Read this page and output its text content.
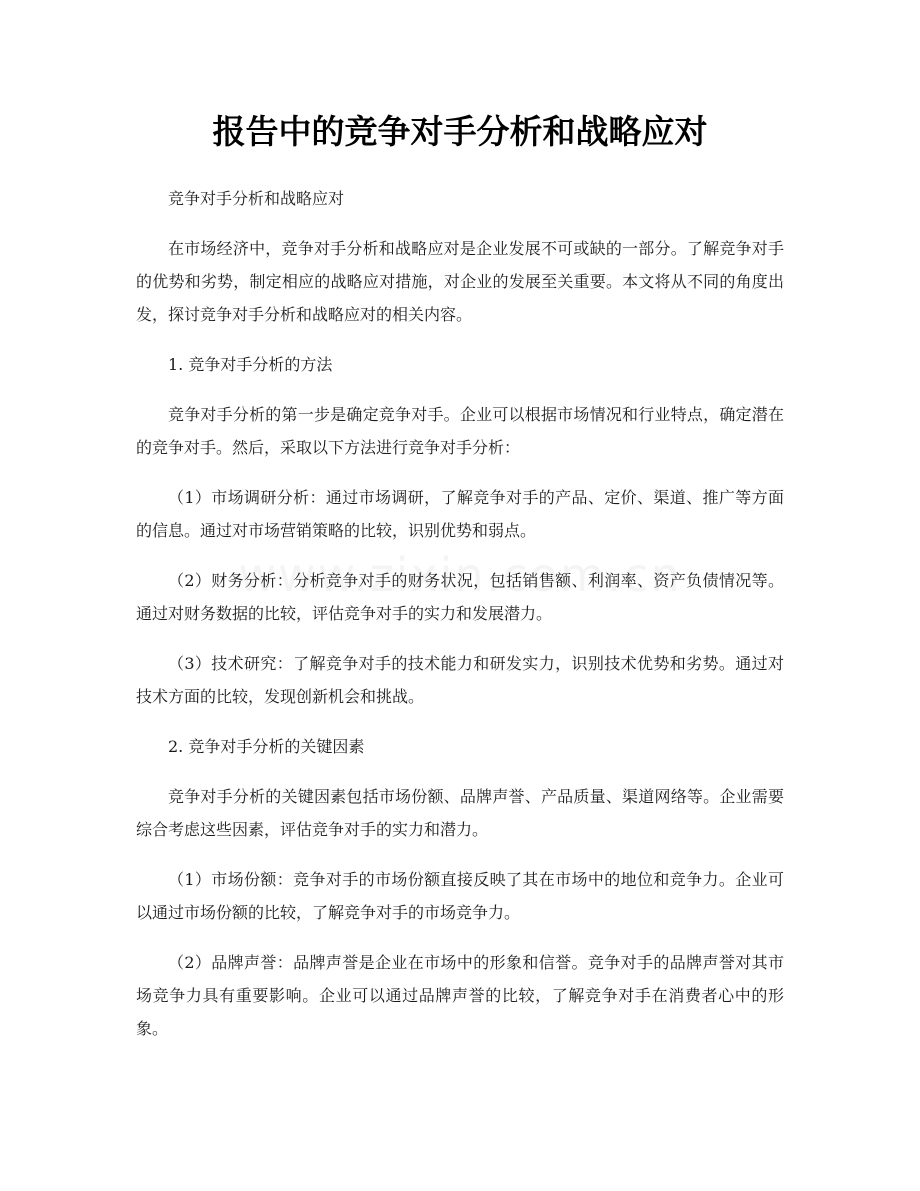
报告中的竞争对手分析和战略应对

竞争对手分析和战略应对

在市场经济中，竞争对手分析和战略应对是企业发展不可或缺的一部分。了解竞争对手的优势和劣势，制定相应的战略应对措施，对企业的发展至关重要。本文将从不同的角度出发，探讨竞争对手分析和战略应对的相关内容。

1. 竞争对手分析的方法

竞争对手分析的第一步是确定竞争对手。企业可以根据市场情况和行业特点，确定潜在的竞争对手。然后，采取以下方法进行竞争对手分析：

（1）市场调研分析：通过市场调研，了解竞争对手的产品、定价、渠道、推广等方面的信息。通过对市场营销策略的比较，识别优势和弱点。

（2）财务分析：分析竞争对手的财务状况，包括销售额、利润率、资产负债情况等。通过对财务数据的比较，评估竞争对手的实力和发展潜力。

（3）技术研究：了解竞争对手的技术能力和研发实力，识别技术优势和劣势。通过对技术方面的比较，发现创新机会和挑战。

2. 竞争对手分析的关键因素

竞争对手分析的关键因素包括市场份额、品牌声誉、产品质量、渠道网络等。企业需要综合考虑这些因素，评估竞争对手的实力和潜力。

（1）市场份额：竞争对手的市场份额直接反映了其在市场中的地位和竞争力。企业可以通过市场份额的比较，了解竞争对手的市场竞争力。

（2）品牌声誉：品牌声誉是企业在市场中的形象和信誉。竞争对手的品牌声誉对其市场竞争力具有重要影响。企业可以通过品牌声誉的比较，了解竞争对手在消费者心中的形象。
